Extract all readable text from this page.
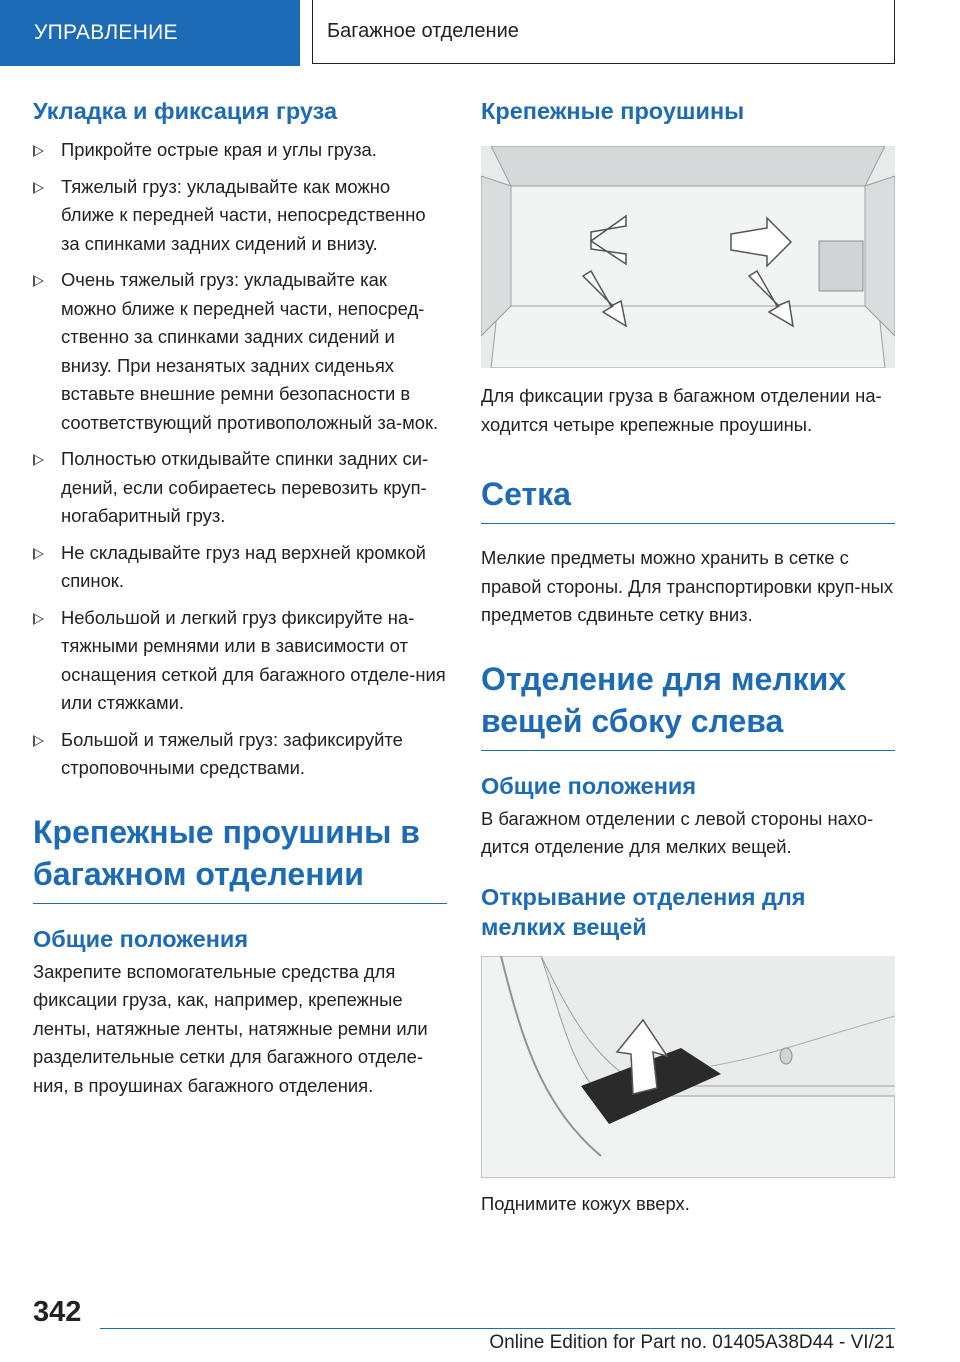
УПРАВЛЕНИЕ	Багажное отделение
Укладка и фиксация груза
Прикройте острые края и углы груза.
Тяжелый груз: укладывайте как можно ближе к передней части, непосредственно за спинками задних сидений и внизу.
Очень тяжелый груз: укладывайте как можно ближе к передней части, непосред-ственно за спинками задних сидений и внизу. При незанятых задних сиденьях вставьте внешние ремни безопасности в соответствующий противоположный за-мок.
Полностью откидывайте спинки задних си-дений, если собираетесь перевозить круп-ногабаритный груз.
Не складывайте груз над верхней кромкой спинок.
Небольшой и легкий груз фиксируйте на-тяжными ремнями или в зависимости от оснащения сеткой для багажного отделе-ния или стяжками.
Большой и тяжелый груз: зафиксируйте строповочными средствами.
Крепежные проушины в багажном отделении
Общие положения

Закрепите вспомогательные средства для фиксации груза, как, например, крепежные ленты, натяжные ленты, натяжные ремни или разделительные сетки для багажного отделе-ния, в проушинах багажного отделения.

Крепежные проушины

Для фиксации груза в багажном отделении на-ходится четыре крепежные проушины.

Сетка

Мелкие предметы можно хранить в сетке с правой стороны. Для транспортировки круп-ных предметов сдвиньте сетку вниз.

Отделение для мелких вещей сбоку слева
Общие положения

В багажном отделении с левой стороны нахо-дится отделение для мелких вещей.

Открывание отделения для мелких вещей

Поднимите кожух вверх.

342
Online Edition for Part no. 01405A38D44 - VI/21
